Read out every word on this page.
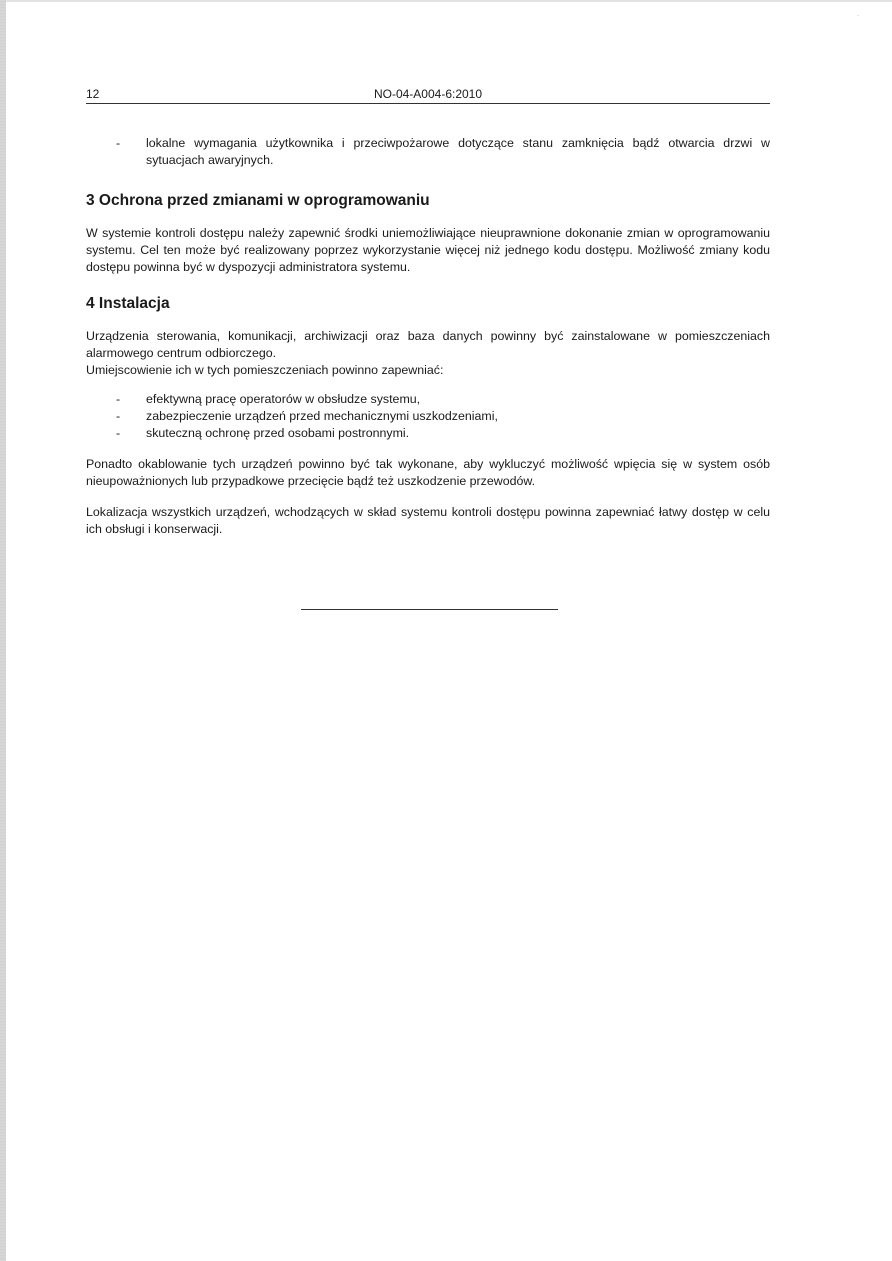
˙
12	NO-04-A004-6:2010
- lokalne wymagania użytkownika i przeciwpożarowe dotyczące stanu zamknięcia bądź otwarcia drzwi w sytuacjach awaryjnych.
3 Ochrona przed zmianami w oprogramowaniu

W systemie kontroli dostępu należy zapewnić środki uniemożliwiające nieuprawnione dokonanie zmian w oprogramowaniu systemu. Cel ten może być realizowany poprzez wykorzystanie więcej niż jednego kodu dostępu. Możliwość zmiany kodu dostępu powinna być w dyspozycji administratora systemu.

4 Instalacja

Urządzenia sterowania, komunikacji, archiwizacji oraz baza danych powinny być zainstalowane w pomieszczeniach alarmowego centrum odbiorczego.

Umiejscowienie ich w tych pomieszczeniach powinno zapewniać:

- efektywną pracę operatorów w obsłudze systemu,
- zabezpieczenie urządzeń przed mechanicznymi uszkodzeniami,
- skuteczną ochronę przed osobami postronnymi.

Ponadto okablowanie tych urządzeń powinno być tak wykonane, aby wykluczyć możliwość wpięcia się w system osób nieupoważnionych lub przypadkowe przecięcie bądź też uszkodzenie przewodów.

Lokalizacja wszystkich urządzeń, wchodzących w skład systemu kontroli dostępu powinna zapewniać łatwy dostęp w celu ich obsługi i konserwacji.
